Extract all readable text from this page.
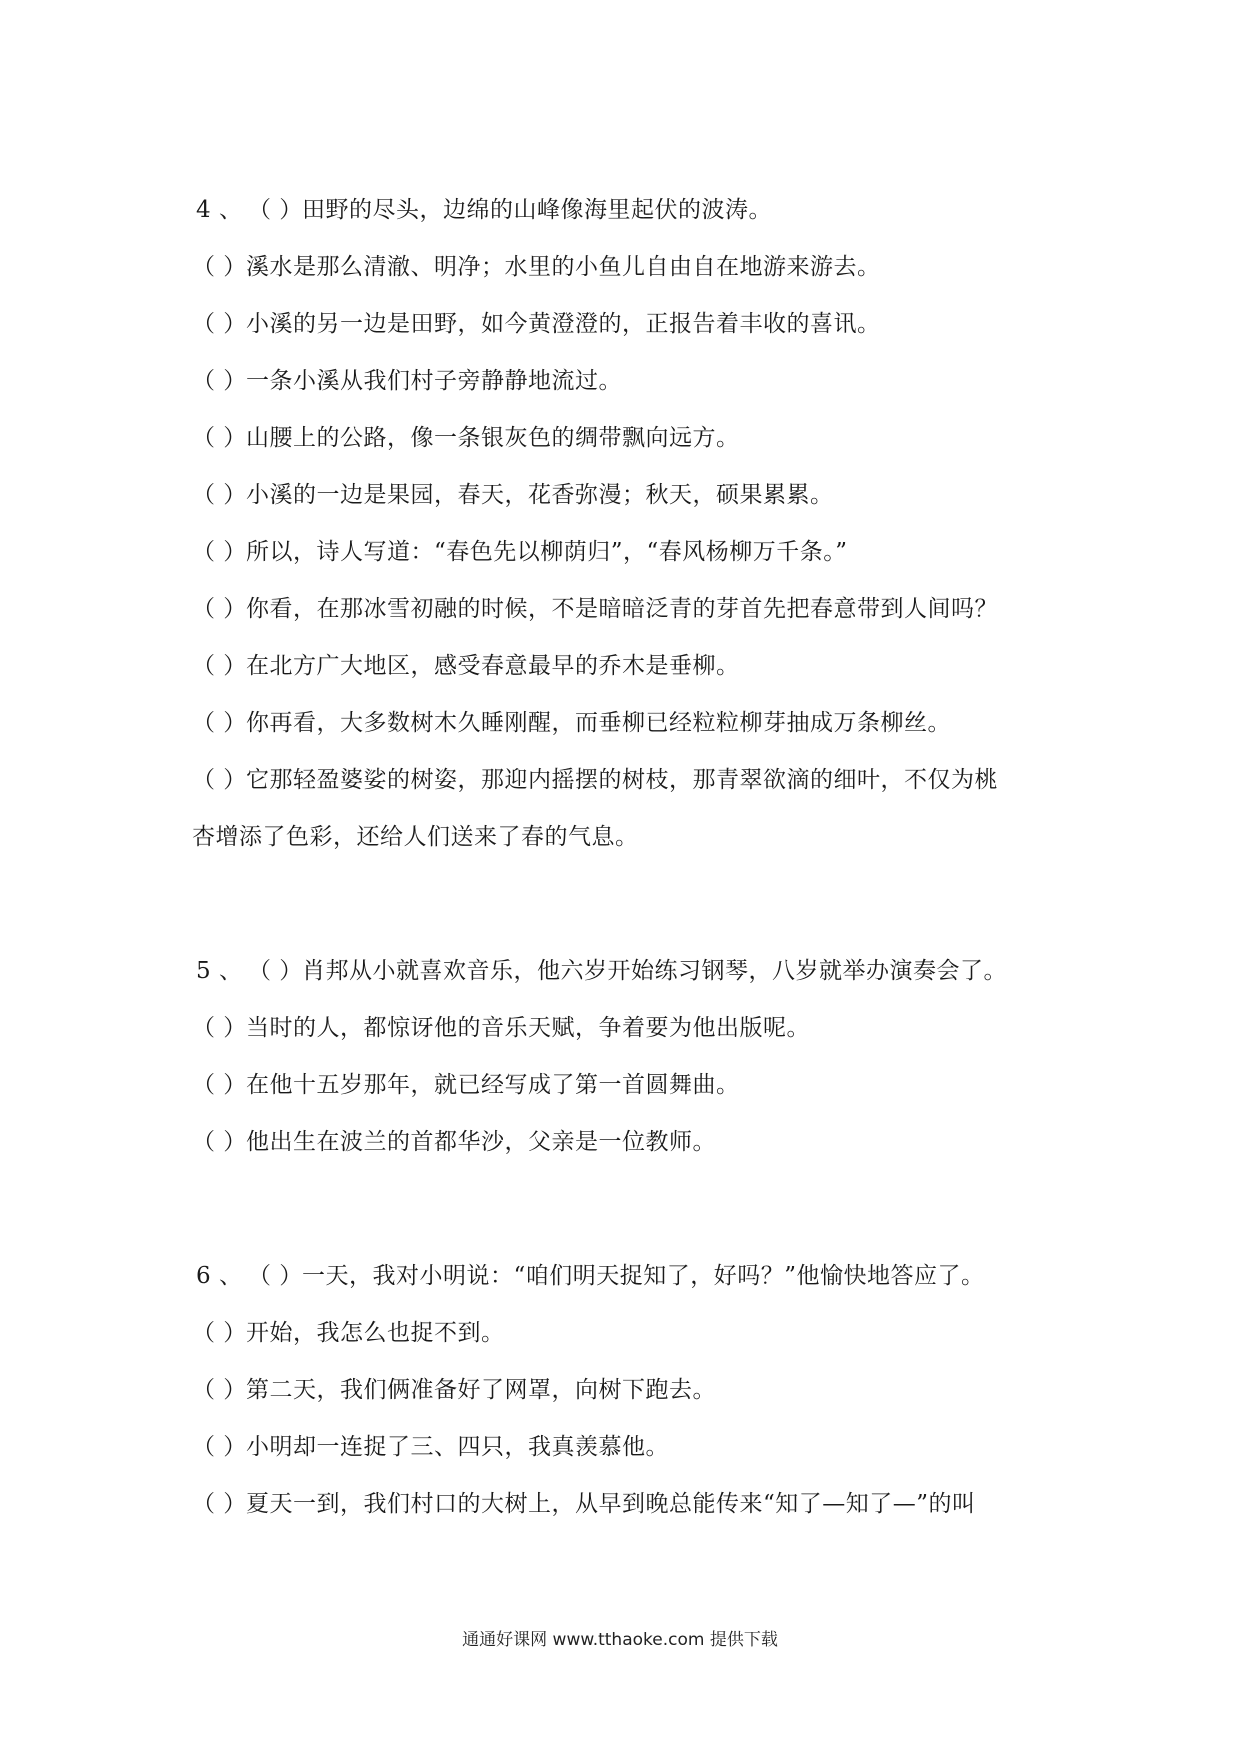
4 、 （ ）田野的尽头，边绵的山峰像海里起伏的波涛。
（ ）溪水是那么清澈、明净；水里的小鱼儿自由自在地游来游去。
（ ）小溪的另一边是田野，如今黄澄澄的，正报告着丰收的喜讯。
（ ）一条小溪从我们村子旁静静地流过。
（ ）山腰上的公路，像一条银灰色的绸带飘向远方。
（ ）小溪的一边是果园，春天，花香弥漫；秋天，硕果累累。
（ ）所以，诗人写道：“春色先以柳荫归”，“春风杨柳万千条。”
（ ）你看，在那冰雪初融的时候，不是暗暗泛青的芽首先把春意带到人间吗？
（ ）在北方广大地区，感受春意最早的乔木是垂柳。
（ ）你再看，大多数树木久睡刚醒，而垂柳已经粒粒柳芽抽成万条柳丝。
（ ）它那轻盈婆娑的树姿，那迎内摇摆的树枝，那青翠欲滴的细叶，不仅为桃
杏增添了色彩，还给人们送来了春的气息。
5 、 （ ）肖邦从小就喜欢音乐，他六岁开始练习钢琴，八岁就举办演奏会了。
（ ）当时的人，都惊讶他的音乐天赋，争着要为他出版呢。
（ ）在他十五岁那年，就已经写成了第一首圆舞曲。
（ ）他出生在波兰的首都华沙，父亲是一位教师。
6 、 （ ）一天，我对小明说：“咱们明天捉知了，好吗？”他愉快地答应了。
（ ）开始，我怎么也捉不到。
（ ）第二天，我们俩准备好了网罩，向树下跑去。
（ ）小明却一连捉了三、四只，我真羡慕他。
（ ）夏天一到，我们村口的大树上，从早到晚总能传来“知了—知了—”的叫
通通好课网 www.tthaoke.com 提供下载
